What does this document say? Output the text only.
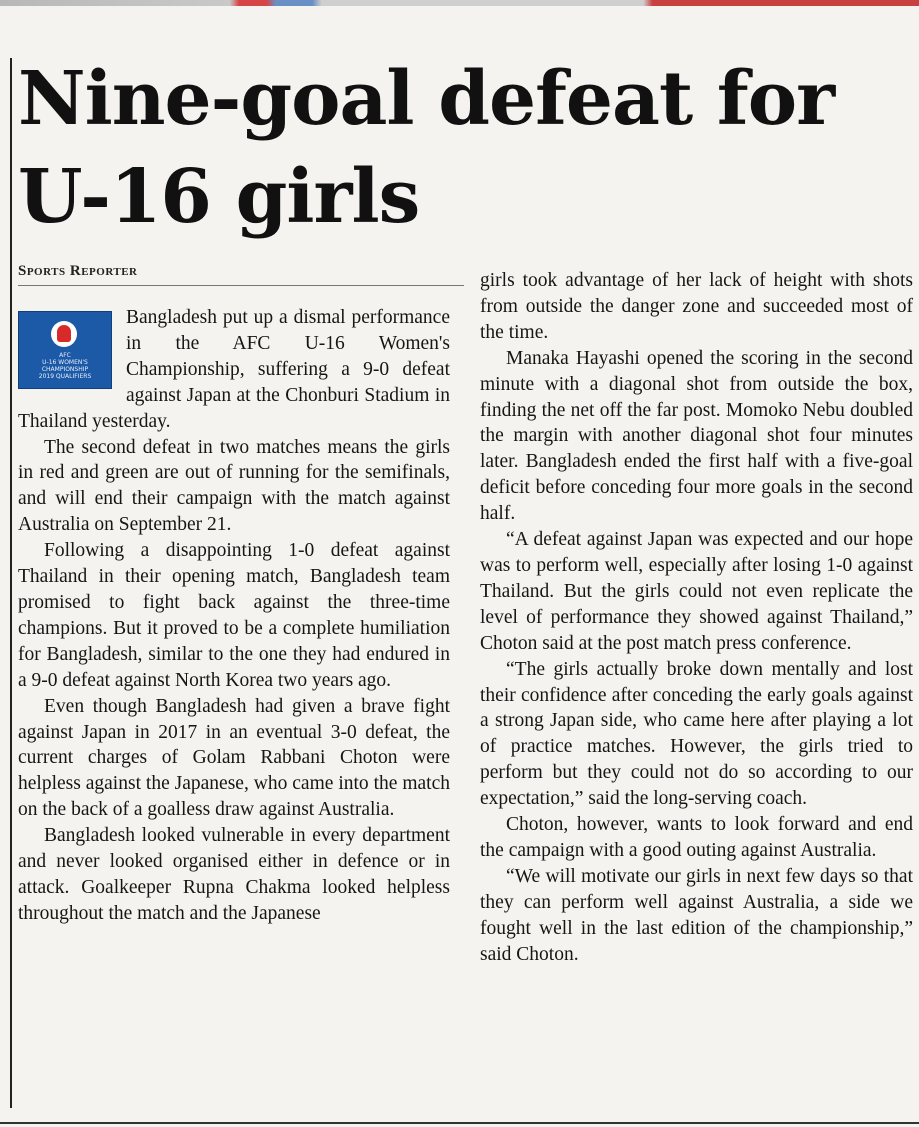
Nine-goal defeat for U-16 girls
Sports Reporter
AFC
U-16 WOMEN'S
CHAMPIONSHIP
2019 QUALIFIERS

Bangladesh put up a dismal performance in the AFC U-16 Women's Championship, suffering a 9-0 defeat against Japan at the Chonburi Stadium in Thailand yesterday.

The second defeat in two matches means the girls in red and green are out of running for the semifinals, and will end their campaign with the match against Australia on September 21.

Following a disappointing 1-0 defeat against Thailand in their opening match, Bangladesh team promised to fight back against the three-time champions. But it proved to be a complete humiliation for Bangladesh, similar to the one they had endured in a 9-0 defeat against North Korea two years ago.

Even though Bangladesh had given a brave fight against Japan in 2017 in an eventual 3-0 defeat, the current charges of Golam Rabbani Choton were helpless against the Japanese, who came into the match on the back of a goalless draw against Australia.

Bangladesh looked vulnerable in every department and never looked organised either in defence or in attack. Goalkeeper Rupna Chakma looked helpless throughout the match and the Japanese

girls took advantage of her lack of height with shots from outside the danger zone and succeeded most of the time.

Manaka Hayashi opened the scoring in the second minute with a diagonal shot from outside the box, finding the net off the far post. Momoko Nebu doubled the margin with another diagonal shot four minutes later. Bangladesh ended the first half with a five-goal deficit before conceding four more goals in the second half.

“A defeat against Japan was expected and our hope was to perform well, especially after losing 1-0 against Thailand. But the girls could not even replicate the level of performance they showed against Thailand,” Choton said at the post match press conference.

“The girls actually broke down mentally and lost their confidence after conceding the early goals against a strong Japan side, who came here after playing a lot of practice matches. However, the girls tried to perform but they could not do so according to our expectation,” said the long-serving coach.

Choton, however, wants to look forward and end the campaign with a good outing against Australia.

“We will motivate our girls in next few days so that they can perform well against Australia, a side we fought well in the last edition of the championship,” said Choton.
